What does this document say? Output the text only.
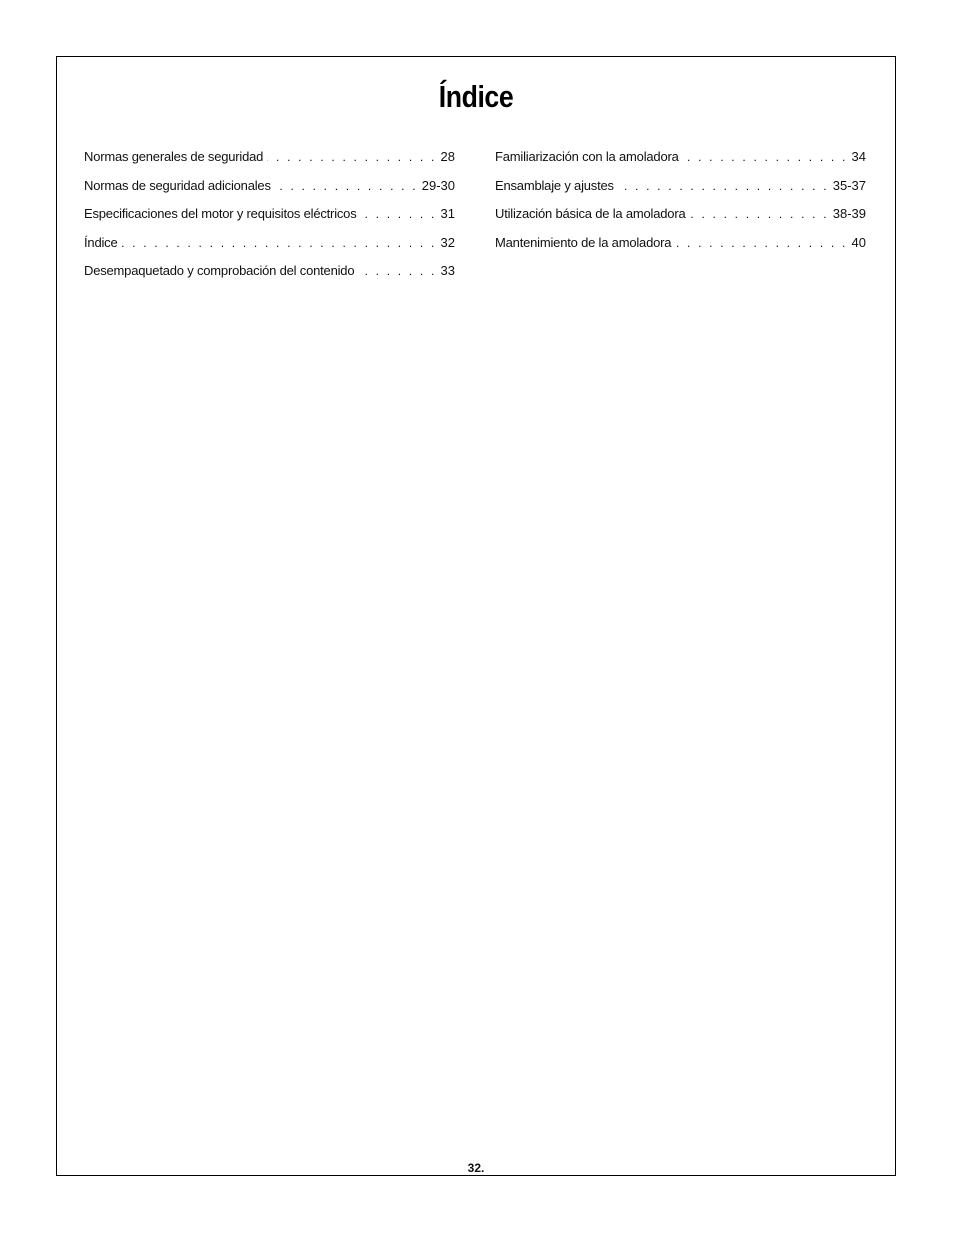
Índice
Normas generales de seguridad . . .	28
Normas de seguridad adicionales . . .	29-30
Especificaciones del motor y requisitos eléctricos . . .	31
Índice . . .	32
Desempaquetado y comprobación del contenido . . .	33
Familiarización con la amoladora . . .	34
Ensamblaje y ajustes . . .	35-37
Utilización básica de la amoladora . . .	38-39
Mantenimiento de la amoladora . . .	40
32.
